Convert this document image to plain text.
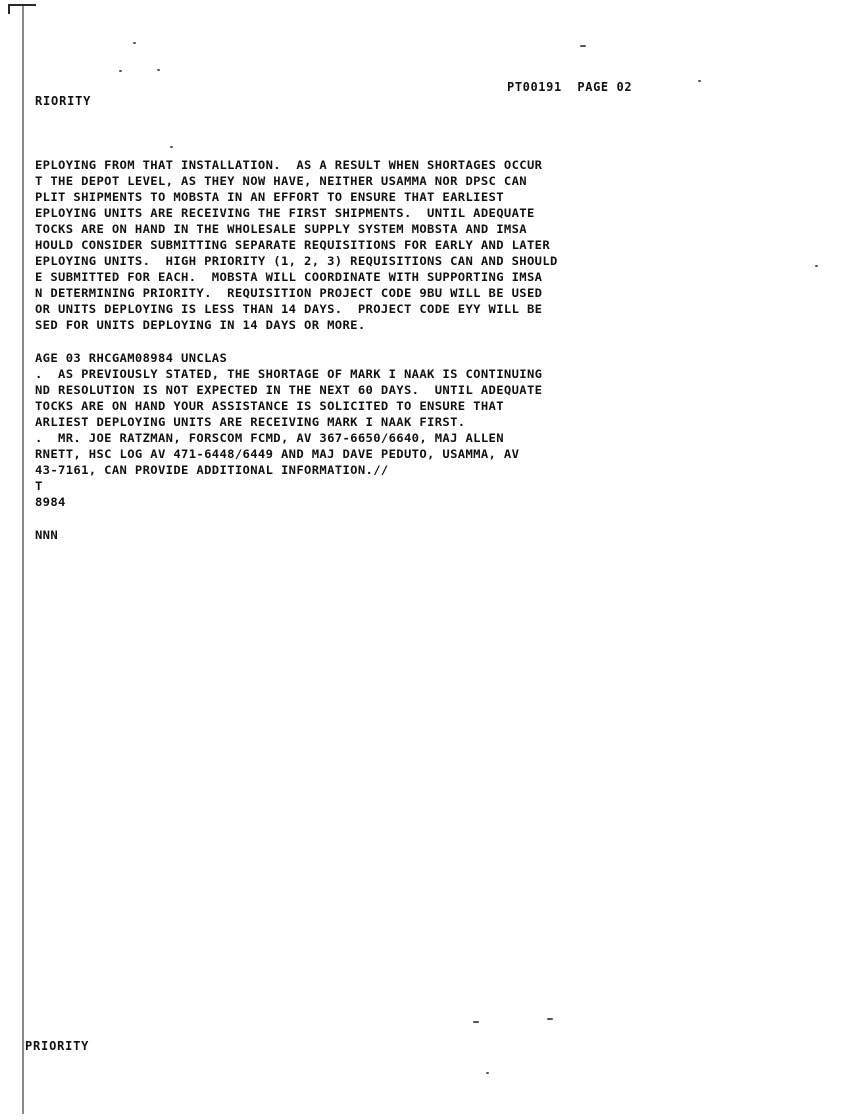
PT00191  PAGE 02
RIORITY
EPLOYING FROM THAT INSTALLATION.  AS A RESULT WHEN SHORTAGES OCCUR
T THE DEPOT LEVEL, AS THEY NOW HAVE, NEITHER USAMMA NOR DPSC CAN
PLIT SHIPMENTS TO MOBSTA IN AN EFFORT TO ENSURE THAT EARLIEST
EPLOYING UNITS ARE RECEIVING THE FIRST SHIPMENTS.  UNTIL ADEQUATE
TOCKS ARE ON HAND IN THE WHOLESALE SUPPLY SYSTEM MOBSTA AND IMSA
HOULD CONSIDER SUBMITTING SEPARATE REQUISITIONS FOR EARLY AND LATER
EPLOYING UNITS.  HIGH PRIORITY (1, 2, 3) REQUISITIONS CAN AND SHOULD
E SUBMITTED FOR EACH.  MOBSTA WILL COORDINATE WITH SUPPORTING IMSA
N DETERMINING PRIORITY.  REQUISITION PROJECT CODE 9BU WILL BE USED
OR UNITS DEPLOYING IS LESS THAN 14 DAYS.  PROJECT CODE EYY WILL BE
SED FOR UNITS DEPLOYING IN 14 DAYS OR MORE.
AGE 03 RHCGAM08984 UNCLAS
.  AS PREVIOUSLY STATED, THE SHORTAGE OF MARK I NAAK IS CONTINUING
ND RESOLUTION IS NOT EXPECTED IN THE NEXT 60 DAYS.  UNTIL ADEQUATE
TOCKS ARE ON HAND YOUR ASSISTANCE IS SOLICITED TO ENSURE THAT
ARLIEST DEPLOYING UNITS ARE RECEIVING MARK I NAAK FIRST.
.  MR. JOE RATZMAN, FORSCOM FCMD, AV 367-6650/6640, MAJ ALLEN
RNETT, HSC LOG AV 471-6448/6449 AND MAJ DAVE PEDUTO, USAMMA, AV
43-7161, CAN PROVIDE ADDITIONAL INFORMATION.//
T
8984
NNN
PRIORITY
